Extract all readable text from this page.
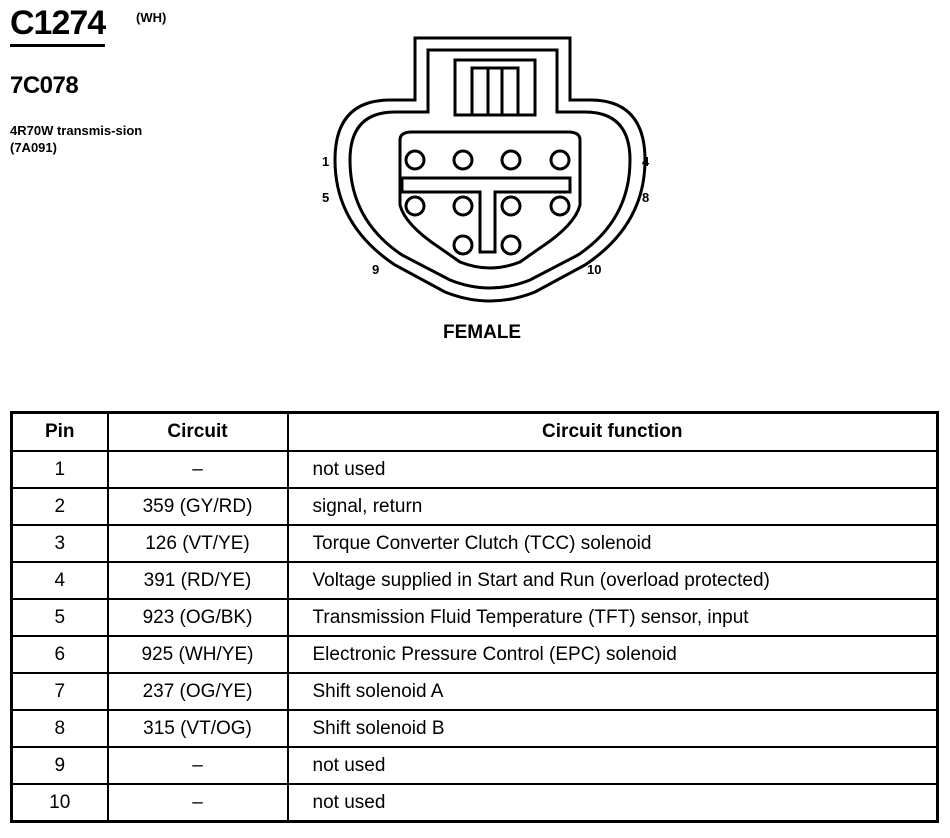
C1274 (WH)
7C078
4R70W transmis-sion (7A091)
1	4
5	8
9	10
FEMALE
Pin	Circuit	Circuit function
1	–	not used
2	359 (GY/RD)	signal, return
3	126 (VT/YE)	Torque Converter Clutch (TCC) solenoid
4	391 (RD/YE)	Voltage supplied in Start and Run (overload protected)
5	923 (OG/BK)	Transmission Fluid Temperature (TFT) sensor, input
6	925 (WH/YE)	Electronic Pressure Control (EPC) solenoid
7	237 (OG/YE)	Shift solenoid A
8	315 (VT/OG)	Shift solenoid B
9	–	not used
10	–	not used
